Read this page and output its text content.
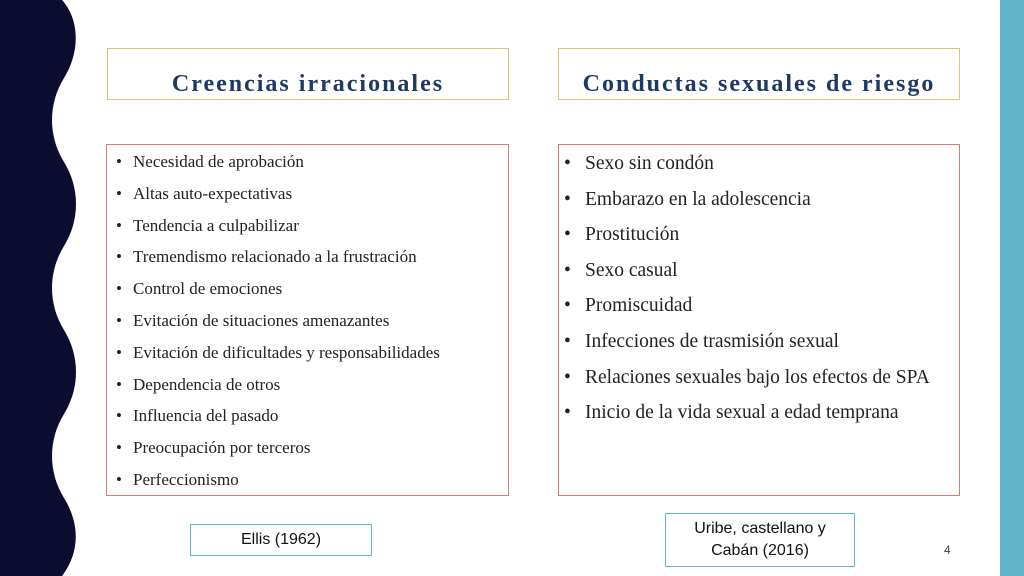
Creencias irracionales	Conductas sexuales de riesgo
• Necesidad de aprobación
• Altas auto-expectativas
• Tendencia a culpabilizar
• Tremendismo relacionado a la frustración
• Control de emociones
• Evitación de situaciones amenazantes
• Evitación de dificultades y responsabilidades
• Dependencia de otros
• Influencia del pasado
• Preocupación por terceros
• Perfeccionismo
• Sexo sin condón
• Embarazo en la adolescencia
• Prostitución
• Sexo casual
• Promiscuidad
• Infecciones de trasmisión sexual
• Relaciones sexuales bajo los efectos de SPA
• Inicio de la vida sexual a edad temprana
Ellis (1962)
Uribe, castellano y
Cabán (2016)	4
